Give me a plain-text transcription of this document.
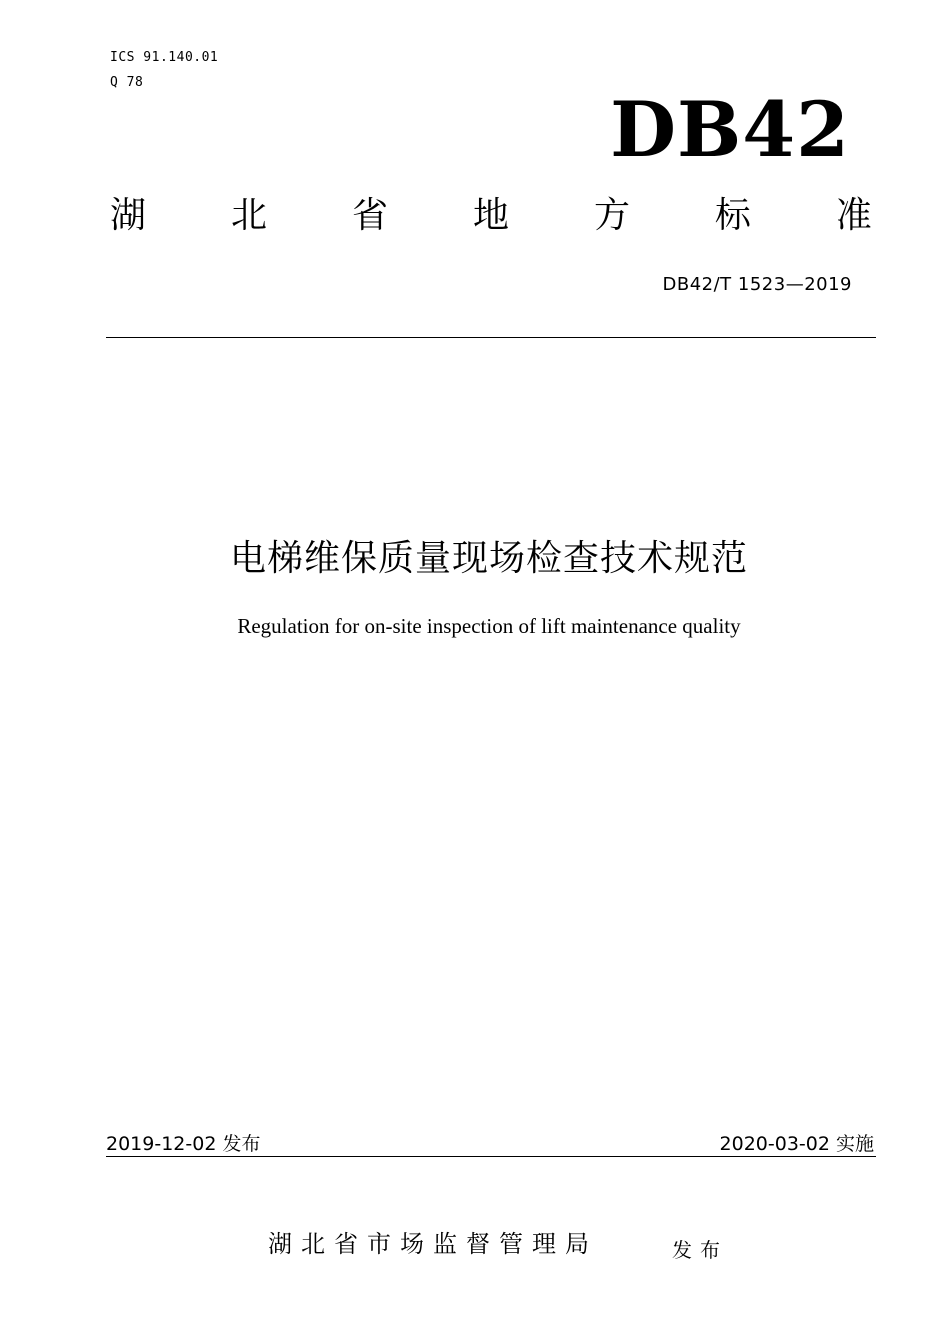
ICS 91.140.01
Q 78
DB42
湖 北 省 地 方 标 准
DB42/T 1523—2019
电梯维保质量现场检查技术规范
Regulation for on-site inspection of lift maintenance quality
2019-12-02 发布	2020-03-02 实施
湖北省市场监督管理局	发布
